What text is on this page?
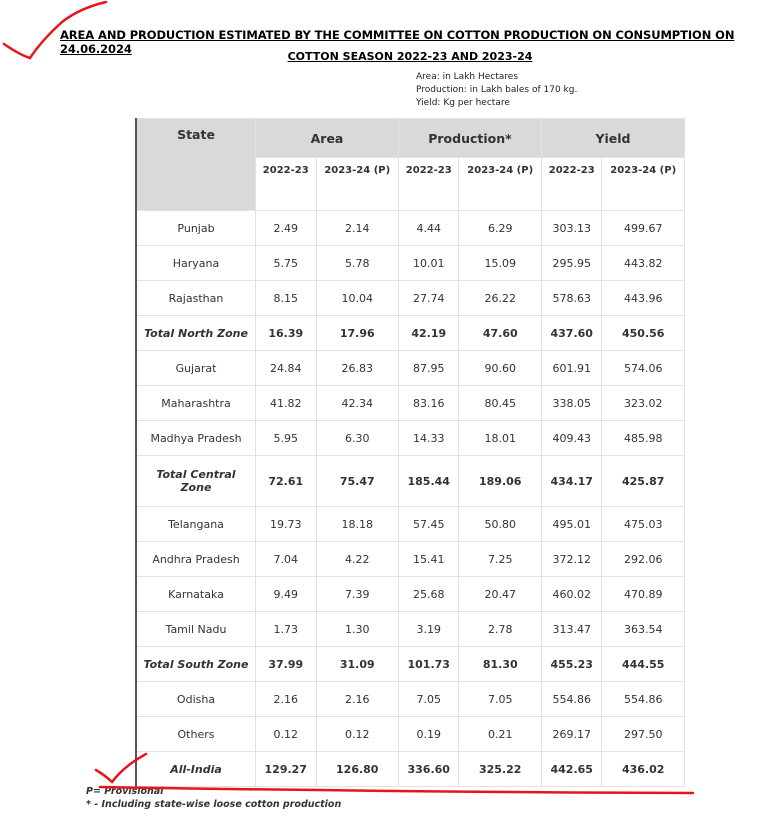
AREA AND PRODUCTION ESTIMATED BY THE COMMITTEE ON COTTON PRODUCTION ON CONSUMPTION ON 24.06.2024
COTTON SEASON 2022-23 AND 2023-24
Area: in Lakh Hectares
Production: in Lakh bales of 170 kg.
Yield: Kg per hectare
State	Area		Production*		Yield	
	2022-23	2023-24 (P)	2022-23	2023-24 (P)	2022-23	2023-24 (P)
Punjab	2.49	2.14	4.44	6.29	303.13	499.67
Haryana	5.75	5.78	10.01	15.09	295.95	443.82
Rajasthan	8.15	10.04	27.74	26.22	578.63	443.96
Total North Zone	16.39	17.96	42.19	47.60	437.60	450.56
Gujarat	24.84	26.83	87.95	90.60	601.91	574.06
Maharashtra	41.82	42.34	83.16	80.45	338.05	323.02
Madhya Pradesh	5.95	6.30	14.33	18.01	409.43	485.98
Total Central Zone	72.61	75.47	185.44	189.06	434.17	425.87
Telangana	19.73	18.18	57.45	50.80	495.01	475.03
Andhra Pradesh	7.04	4.22	15.41	7.25	372.12	292.06
Karnataka	9.49	7.39	25.68	20.47	460.02	470.89
Tamil Nadu	1.73	1.30	3.19	2.78	313.47	363.54
Total South Zone	37.99	31.09	101.73	81.30	455.23	444.55
Odisha	2.16	2.16	7.05	7.05	554.86	554.86
Others	0.12	0.12	0.19	0.21	269.17	297.50
All-India	129.27	126.80	336.60	325.22	442.65	436.02
P= Provisional
* - Including state-wise loose cotton production
